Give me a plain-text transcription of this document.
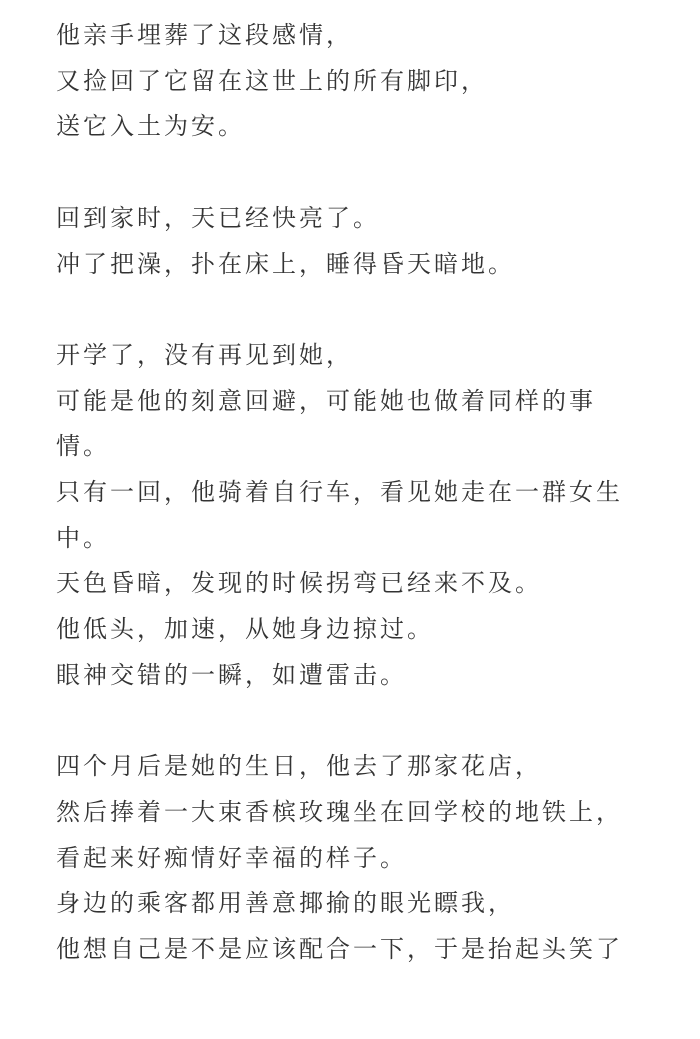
他亲手埋葬了这段感情，
又捡回了它留在这世上的所有脚印，
送它入土为安。

回到家时，天已经快亮了。
冲了把澡，扑在床上，睡得昏天暗地。

开学了，没有再见到她，
可能是他的刻意回避，可能她也做着同样的事
情。
只有一回，他骑着自行车，看见她走在一群女生
中。
天色昏暗，发现的时候拐弯已经来不及。
他低头，加速，从她身边掠过。
眼神交错的一瞬，如遭雷击。

四个月后是她的生日，他去了那家花店，
然后捧着一大束香槟玫瑰坐在回学校的地铁上，
看起来好痴情好幸福的样子。
身边的乘客都用善意揶揄的眼光瞟我，
他想自己是不是应该配合一下，于是抬起头笑了
